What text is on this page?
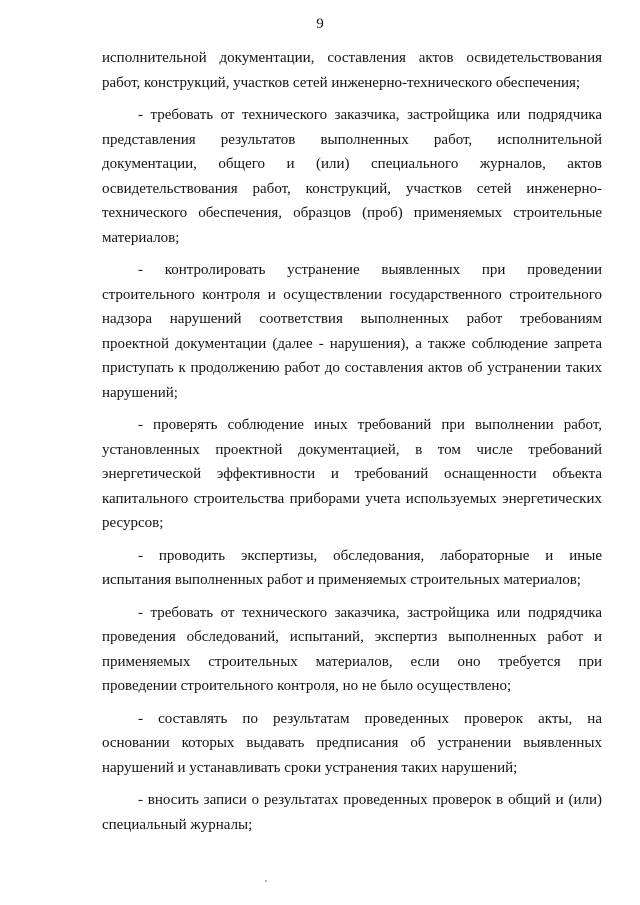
9

исполнительной документации, составления актов освидетельствования
работ, конструкций, участков сетей инженерно-технического обеспечения;

- требовать от технического заказчика, застройщика или подрядчика
представления результатов выполненных работ, исполнительной
документации, общего и (или) специального журналов, актов
освидетельствования работ, конструкций, участков сетей инженерно-
технического обеспечения, образцов (проб) применяемых строительные
материалов;

- контролировать устранение выявленных при проведении
строительного контроля и осуществлении государственного строительного
надзора нарушений соответствия выполненных работ требованиям
проектной документации (далее - нарушения), а также соблюдение запрета
приступать к продолжению работ до составления актов об устранении таких
нарушений;

- проверять соблюдение иных требований при выполнении работ,
установленных проектной документацией, в том числе требований
энергетической эффективности и требований оснащенности объекта
капитального строительства приборами учета используемых энергетических
ресурсов;

- проводить экспертизы, обследования, лабораторные и иные
испытания выполненных работ и применяемых строительных материалов;

- требовать от технического заказчика, застройщика или подрядчика
проведения обследований, испытаний, экспертиз выполненных работ и
применяемых строительных материалов, если оно требуется при
проведении строительного контроля, но не было осуществлено;

- составлять по результатам проведенных проверок акты, на
основании которых выдавать предписания об устранении выявленных
нарушений и устанавливать сроки устранения таких нарушений;

- вносить записи о результатах проведенных проверок в общий и (или)
специальный журналы;
